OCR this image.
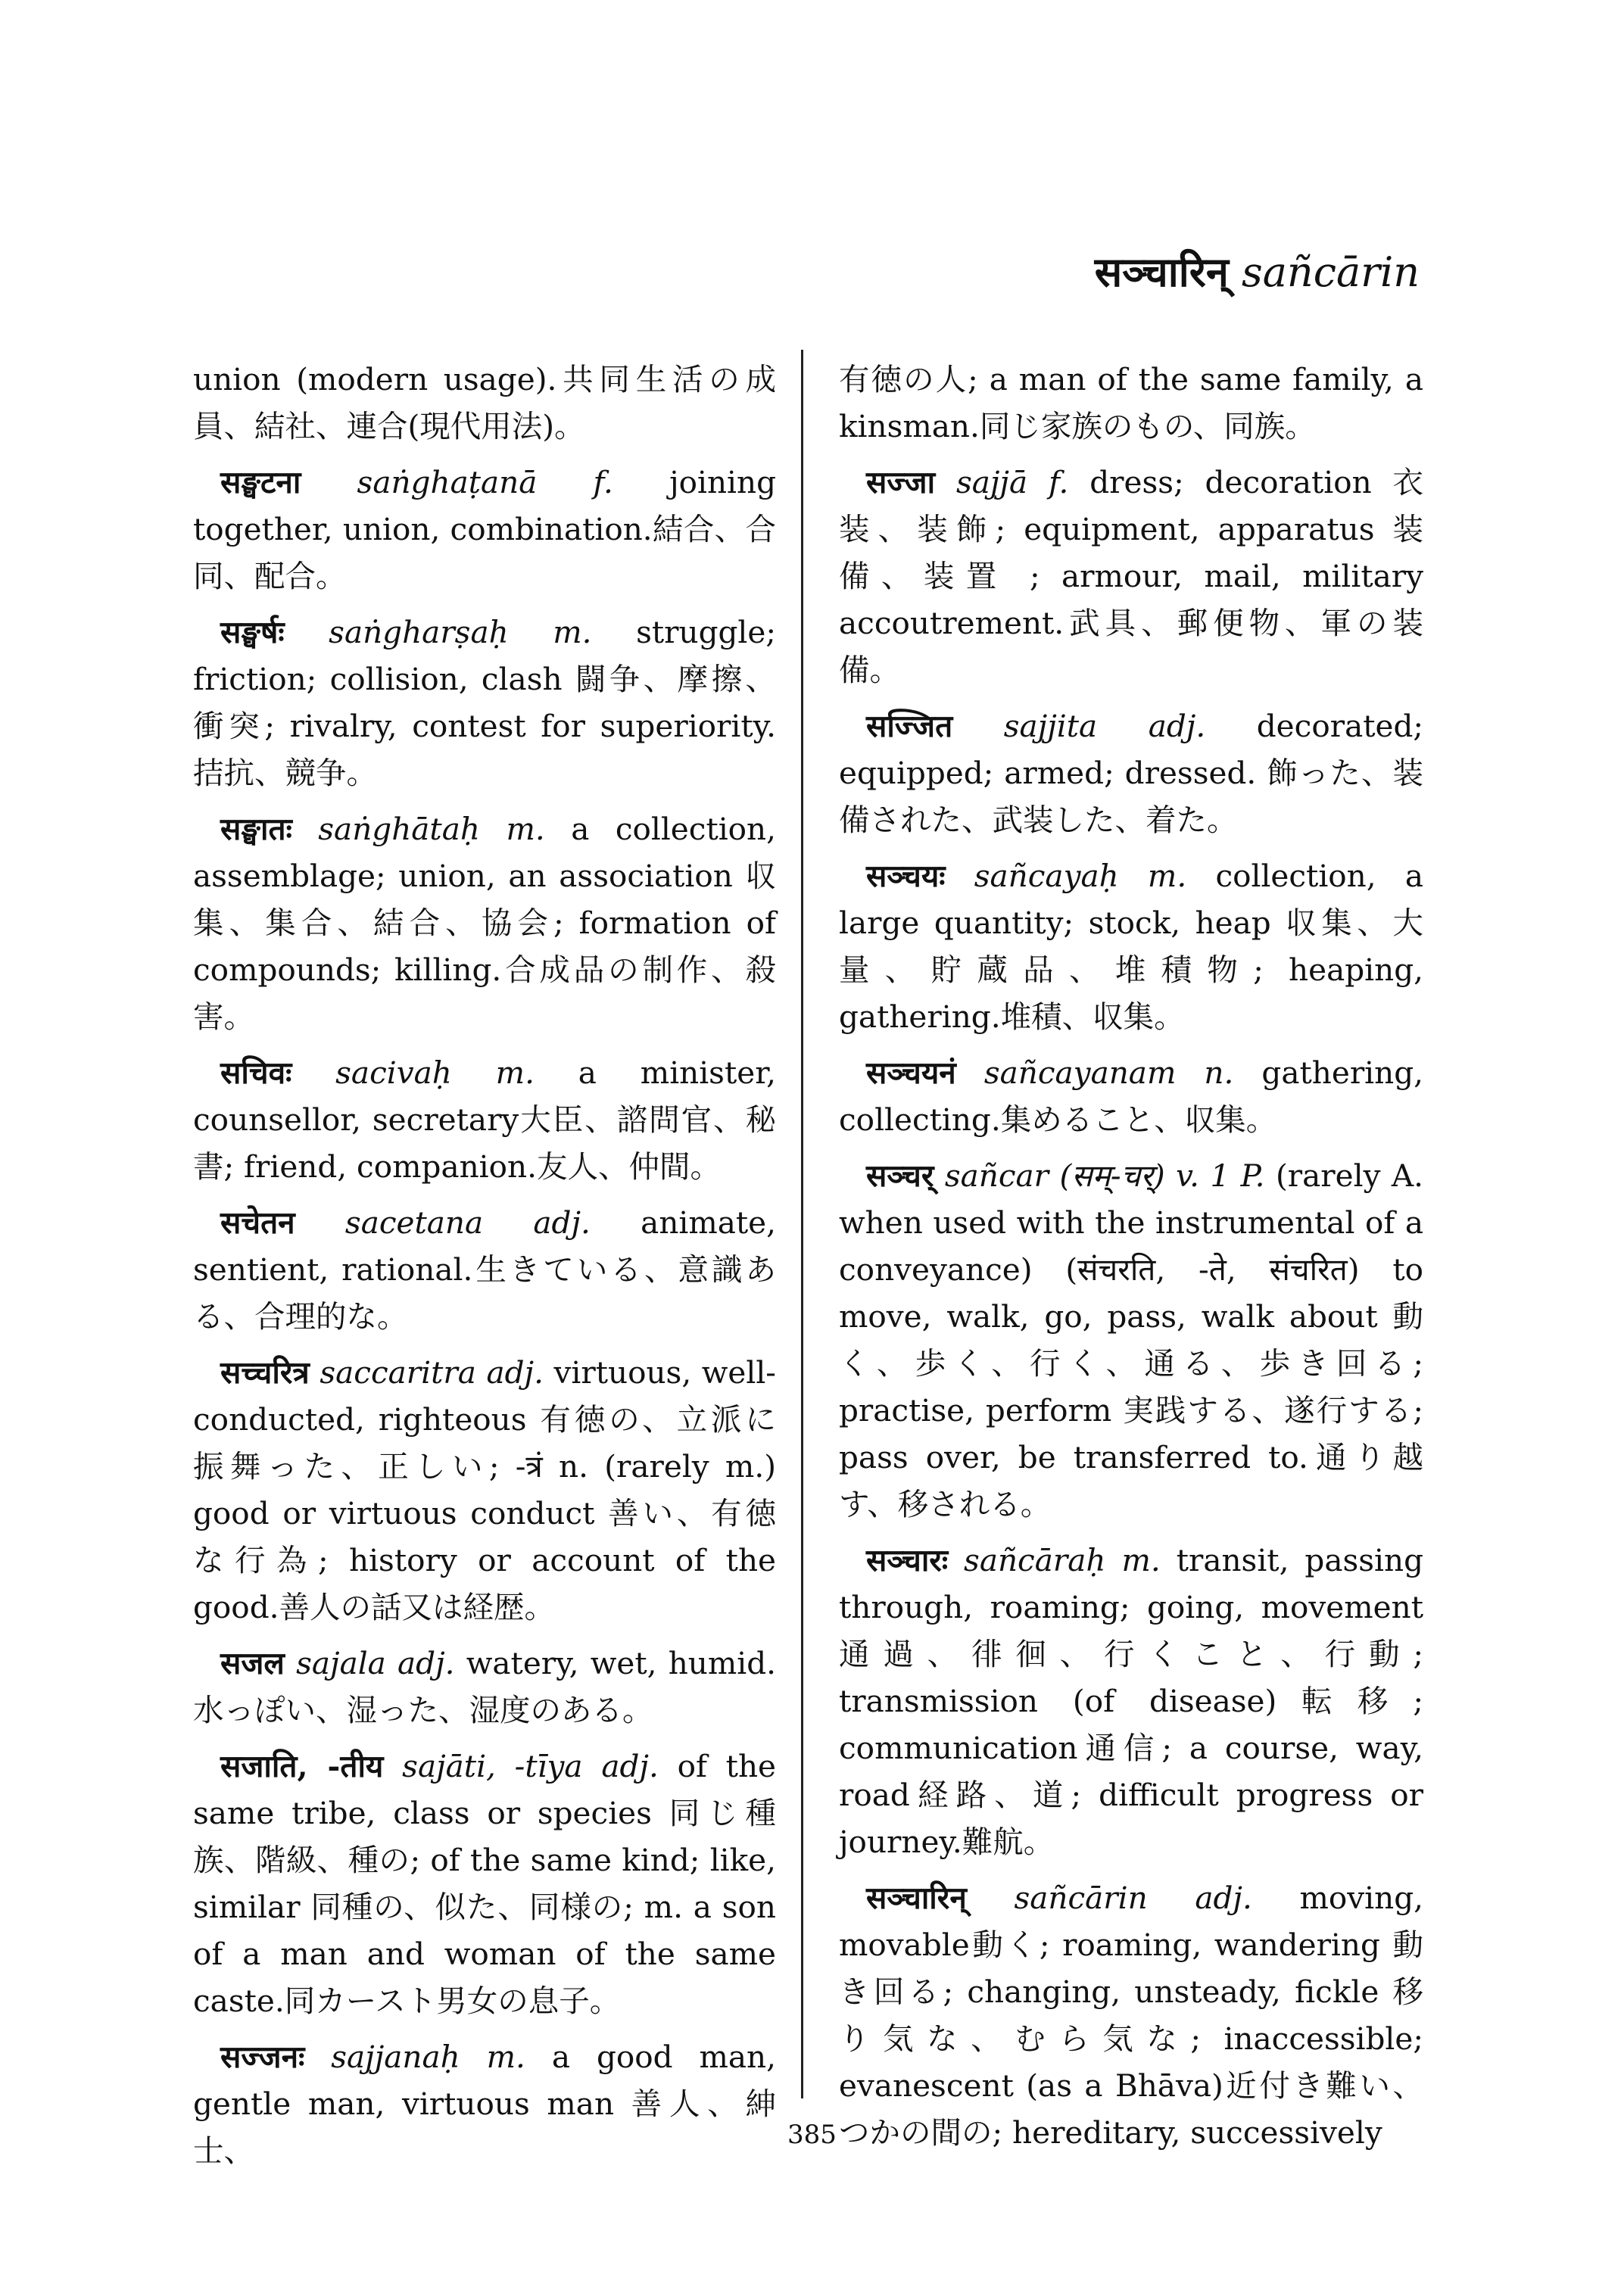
सञ्चारिन् sañcārin

union (modern usage).共同生活の成員、結社、連合(現代用法)。

सङ्घटना saṅghaṭanā f. joining together, union, combination.結合、合同、配合。

सङ्घर्षः saṅgharṣaḥ m. struggle; friction; collision, clash 闘争、摩擦、衝突; rivalry, contest for superiority.拮抗、競争。

सङ्घातः saṅghātaḥ m. a collection, assemblage; union, an association 収集、集合、結合、協会; formation of compounds; killing.合成品の制作、殺害。

सचिवः sacivaḥ m. a minister, counsellor, secretary大臣、諮問官、秘書; friend, companion.友人、仲間。

सचेतन sacetana adj. animate, sentient, rational.生きている、意識ある、合理的な。

सच्चरित्र saccaritra adj. virtuous, well-conducted, righteous 有徳の、立派に振舞った、正しい; -त्रं n. (rarely m.) good or virtuous conduct 善い、有徳な行為; history or account of the good.善人の話又は経歴。

सजल sajala adj. watery, wet, humid. 水っぽい、湿った、湿度のある。

सजाति, -तीय sajāti, -tīya adj. of the same tribe, class or species 同じ種族、階級、種の; of the same kind; like, similar 同種の、似た、同様の; m. a son of a man and woman of the same caste.同カースト男女の息子。

सज्जनः sajjanaḥ m. a good man, gentle man, virtuous man 善人、紳士、

有徳の人; a man of the same family, a kinsman.同じ家族のもの、同族。

सज्जा sajjā f. dress; decoration 衣装、装飾; equipment, apparatus 装備、装置 ; armour, mail, military accoutrement.武具、郵便物、軍の装備。

सज्जित sajjita adj. decorated; equipped; armed; dressed. 飾った、装備された、武装した、着た。

सञ्चयः sañcayaḥ m. collection, a large quantity; stock, heap 収集、大量、貯蔵品、堆積物; heaping, gathering.堆積、収集。

सञ्चयनं sañcayanam n. gathering, collecting.集めること、収集。

सञ्चर् sañcar (सम्-चर्) v. 1 P. (rarely A. when used with the instrumental of a conveyance) (संचरति, -ते, संचरित) to move, walk, go, pass, walk about 動く、歩く、行く、通る、歩き回る; practise, perform 実践する、遂行する; pass over, be transferred to.通り越す、移される。

सञ्चारः sañcāraḥ m. transit, passing through, roaming; going, movement通過、徘徊、行くこと、行動; transmission (of disease)転移; communication通信; a course, way, road経路、道; difficult progress or journey.難航。

सञ्चारिन् sañcārin adj. moving, movable動く; roaming, wandering 動き回る; changing, unsteady, fickle 移り気な、むら気な; inaccessible; evanescent (as a Bhāva)近付き難い、つかの間の; hereditary, successively

385
